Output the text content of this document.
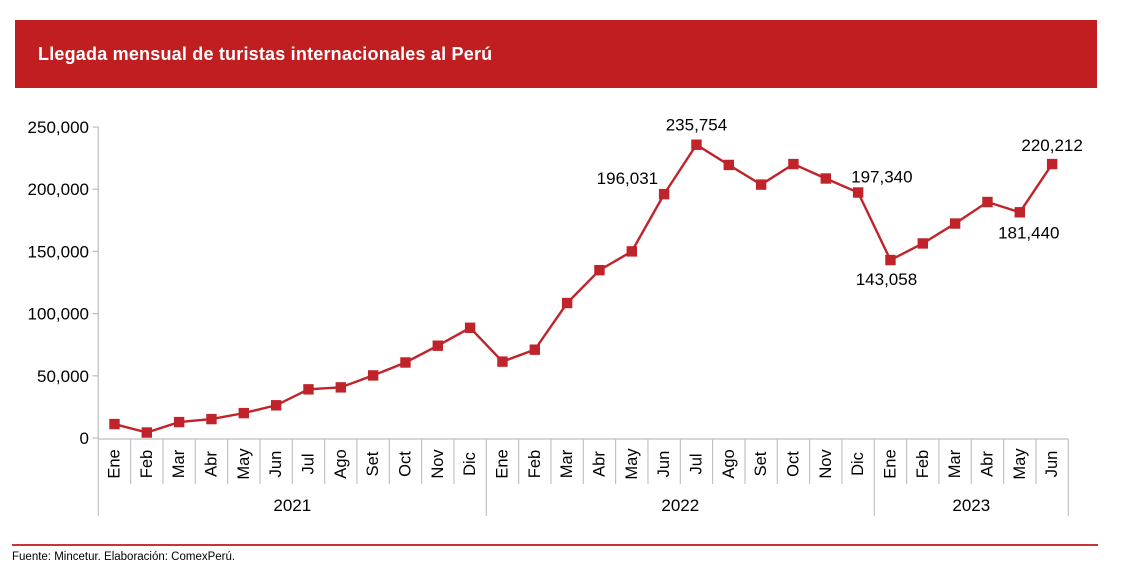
0
50,000
100,000
150,000
200,000
250,000
Ene Feb Mar Abr May Jun Jul Ago Set Oct Nov Dic Ene Feb Mar Abr May Jun Jul Ago Set Oct Nov Dic Ene Feb Mar Abr May Jun
2021	2022	2023
196,031
235,754
197,340
143,058
181,440
220,212
Llegada mensual de turistas internacionales al Perú
Fuente: Mincetur. Elaboración: ComexPerú.
